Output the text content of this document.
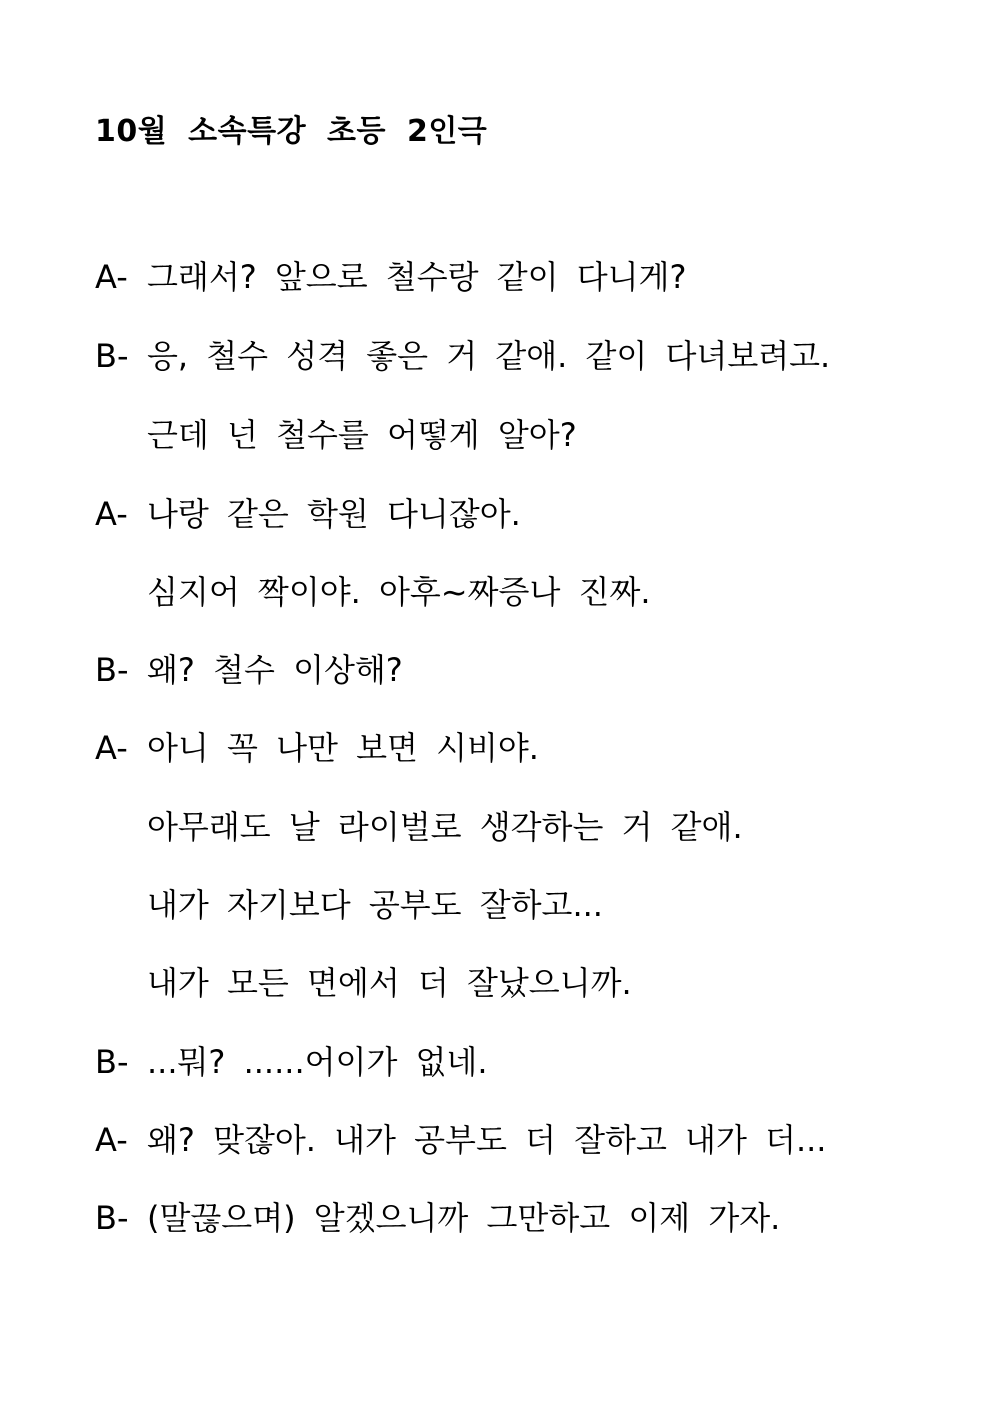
10월 소속특강 초등 2인극
A- 그래서? 앞으로 철수랑 같이 다니게?
B- 응, 철수 성격 좋은 거 같애. 같이 다녀보려고.
근데 넌 철수를 어떻게 알아?
A- 나랑 같은 학원 다니잖아.
심지어 짝이야. 아후~짜증나 진짜.
B- 왜? 철수 이상해?
A- 아니 꼭 나만 보면 시비야.
아무래도 날 라이벌로 생각하는 거 같애.
내가 자기보다 공부도 잘하고...
내가 모든 면에서 더 잘났으니까.
B- ...뭐? ......어이가 없네.
A- 왜? 맞잖아. 내가 공부도 더 잘하고 내가 더...
B- (말끊으며) 알겠으니까 그만하고 이제 가자.
